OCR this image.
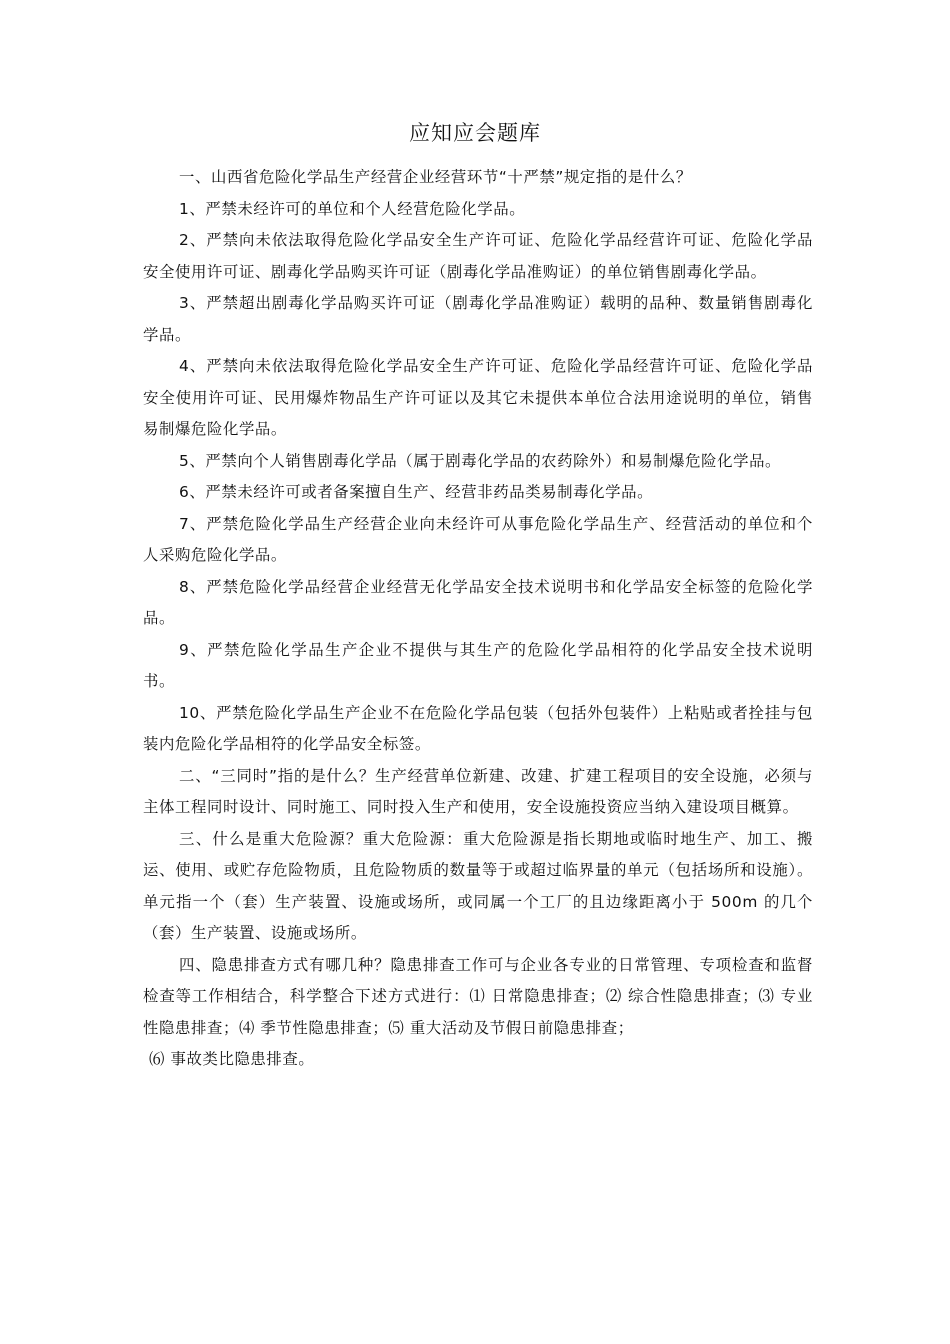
应知应会题库

一、山西省危险化学品生产经营企业经营环节“十严禁”规定指的是什么？

1、严禁未经许可的单位和个人经营危险化学品。

2、严禁向未依法取得危险化学品安全生产许可证、危险化学品经营许可证、危险化学品安全使用许可证、剧毒化学品购买许可证（剧毒化学品准购证）的单位销售剧毒化学品。

3、严禁超出剧毒化学品购买许可证（剧毒化学品准购证）载明的品种、数量销售剧毒化学品。

4、严禁向未依法取得危险化学品安全生产许可证、危险化学品经营许可证、危险化学品安全使用许可证、民用爆炸物品生产许可证以及其它未提供本单位合法用途说明的单位，销售易制爆危险化学品。

5、严禁向个人销售剧毒化学品（属于剧毒化学品的农药除外）和易制爆危险化学品。

6、严禁未经许可或者备案擅自生产、经营非药品类易制毒化学品。

7、严禁危险化学品生产经营企业向未经许可从事危险化学品生产、经营活动的单位和个人采购危险化学品。

8、严禁危险化学品经营企业经营无化学品安全技术说明书和化学品安全标签的危险化学品。

9、严禁危险化学品生产企业不提供与其生产的危险化学品相符的化学品安全技术说明书。

10、严禁危险化学品生产企业不在危险化学品包装（包括外包装件）上粘贴或者拴挂与包装内危险化学品相符的化学品安全标签。

二、“三同时”指的是什么？生产经营单位新建、改建、扩建工程项目的安全设施，必须与主体工程同时设计、同时施工、同时投入生产和使用，安全设施投资应当纳入建设项目概算。

三、什么是重大危险源？重大危险源：重大危险源是指长期地或临时地生产、加工、搬运、使用、或贮存危险物质，且危险物质的数量等于或超过临界量的单元（包括场所和设施）。单元指一个（套）生产装置、设施或场所，或同属一个工厂的且边缘距离小于 500m 的几个（套）生产装置、设施或场所。

四、隐患排查方式有哪几种？隐患排查工作可与企业各专业的日常管理、专项检查和监督检查等工作相结合，科学整合下述方式进行：⑴ 日常隐患排查；⑵ 综合性隐患排查；⑶ 专业性隐患排查；⑷ 季节性隐患排查；⑸ 重大活动及节假日前隐患排查；

⑹ 事故类比隐患排查。
